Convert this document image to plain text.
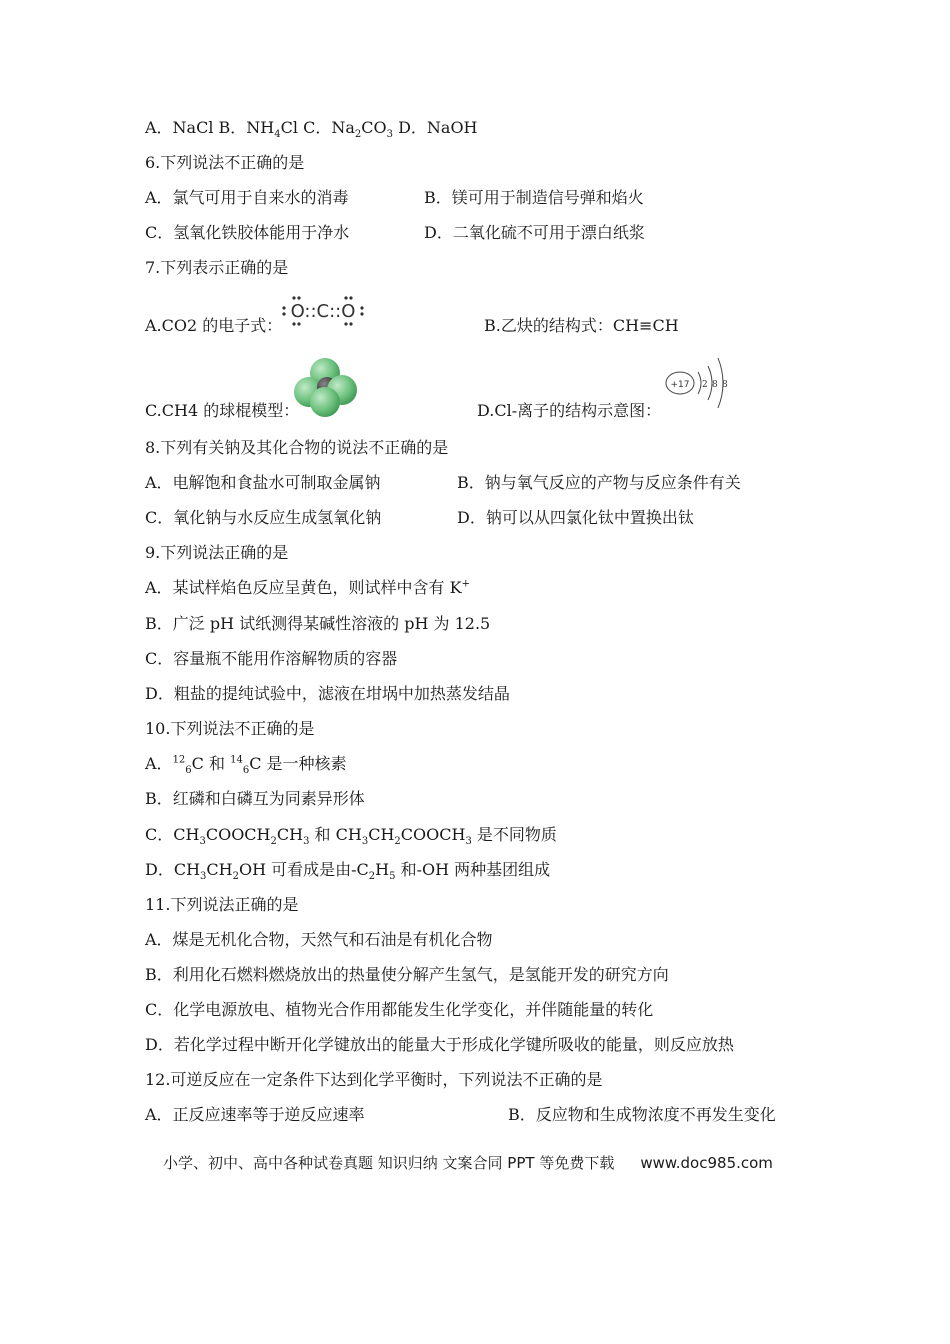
A．NaCl B．$NH_4Cl$ C．$Na_2CO_3$ D．NaOH
6.下列说法不正确的是
A．氯气可用于自来水的消毒	B．镁可用于制造信号弹和焰火
C．氢氧化铁胶体能用于净水	D．二氧化硫不可用于漂白纸浆
7.下列表示正确的是
A.CO2 的电子式：
O::C::O
B.乙炔的结构式：CH≡CH
C.CH4 的球棍模型：	D.Cl-离子的结构示意图：
+17 2 8 8
8.下列有关钠及其化合物的说法不正确的是
A．电解饱和食盐水可制取金属钠	B．钠与氧气反应的产物与反应条件有关
C．氧化钠与水反应生成氢氧化钠	D．钠可以从四氯化钛中置换出钛
9.下列说法正确的是
A．某试样焰色反应呈黄色，则试样中含有 K+
B．广泛 pH 试纸测得某碱性溶液的 pH 为 12.5
C．容量瓶不能用作溶解物质的容器
D．粗盐的提纯试验中，滤液在坩埚中加热蒸发结晶
10.下列说法不正确的是
A．$^{12}_6$C 和 $^{14}_6$C 是一种核素
B．红磷和白磷互为同素异形体
C．$CH_3COOCH_2CH_3$ 和 $CH_3CH_2COOCH_3$ 是不同物质
D．$CH_3CH_2OH$ 可看成是由$-C_2H_5$ 和-OH 两种基团组成
11.下列说法正确的是
A．煤是无机化合物，天然气和石油是有机化合物
B．利用化石燃料燃烧放出的热量使分解产生氢气，是氢能开发的研究方向
C．化学电源放电、植物光合作用都能发生化学变化，并伴随能量的转化
D．若化学过程中断开化学键放出的能量大于形成化学键所吸收的能量，则反应放热
12.可逆反应在一定条件下达到化学平衡时，下列说法不正确的是
A．正反应速率等于逆反应速率	B．反应物和生成物浓度不再发生变化
小学、初中、高中各种试卷真题 知识归纳 文案合同 PPT 等免费下载 www.doc985.com
